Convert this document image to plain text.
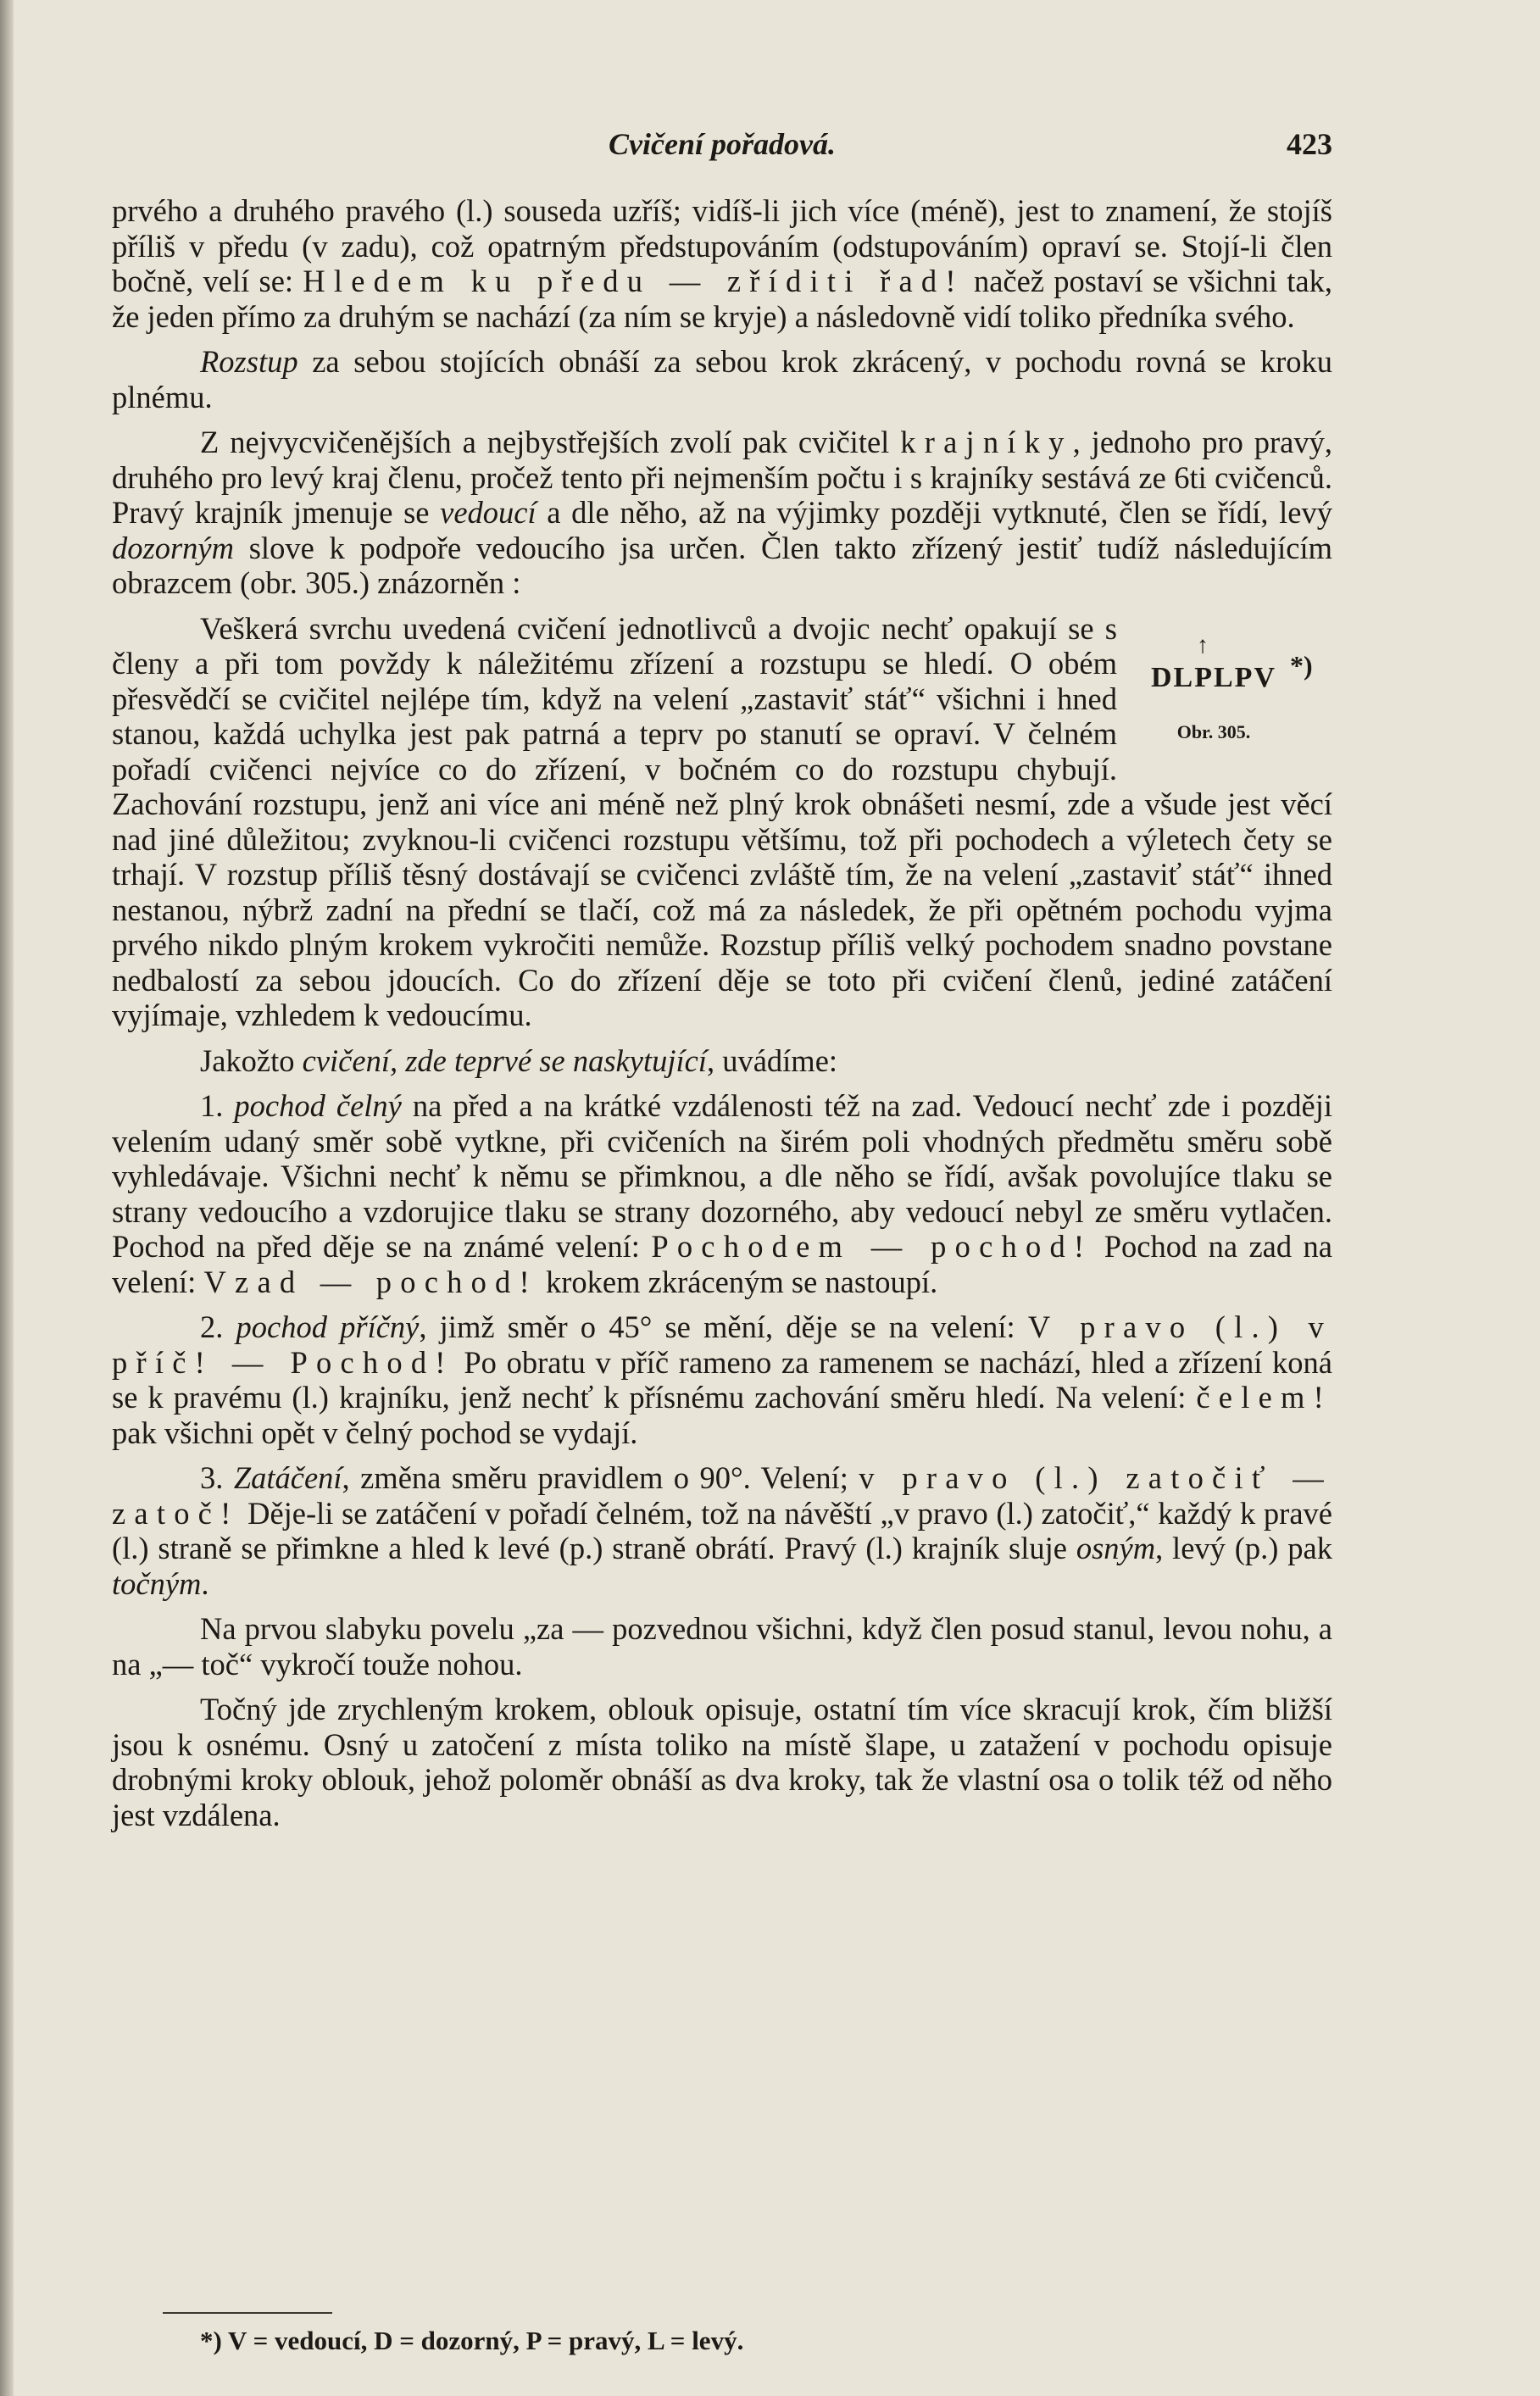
Cvičení pořadová.	423

prvého a druhého pravého (l.) souseda uzříš; vidíš-li jich více (méně), jest to znamení, že stojíš příliš v předu (v zadu), což opatrným předstupováním (odstupováním) opraví se. Stojí-li člen bočně, velí se: Hledem ku předu — zříditi řad! načež postaví se všichni tak, že jeden přímo za druhým se nachází (za ním se kryje) a následovně vidí toliko předníka svého.

Rozstup za sebou stojících obnáší za sebou krok zkrácený, v pochodu rovná se kroku plnému.

Z nejvycvičenějších a nejbystřejších zvolí pak cvičitel krajníky, jednoho pro pravý, druhého pro levý kraj členu, pročež tento při nejmenším počtu i s krajníky sestává ze 6ti cvičenců. Pravý krajník jmenuje se vedoucí a dle něho, až na výjimky později vytknuté, člen se řídí, levý dozorným slove k podpoře vedoucího jsa určen. Člen takto zřízený jestiť tudíž následujícím obrazcem (obr. 305.) znázorněn :

↑
DLPLPV *)
Obr. 305.

Veškerá svrchu uvedená cvičení jednotlivců a dvojic nechť opakují se s členy a při tom povždy k náležitému zřízení a rozstupu se hledí. O obém přesvědčí se cvičitel nejlépe tím, když na velení „zastaviť stáť“ všichni i hned stanou, každá uchylka jest pak patrná a teprv po stanutí se opraví. V čelném pořadí cvičenci nejvíce co do zřízení, v bočném co do rozstupu chybují. Zachování rozstupu, jenž ani více ani méně než plný krok obnášeti nesmí, zde a všude jest věcí nad jiné důležitou; zvyknou-li cvičenci rozstupu většímu, tož při pochodech a výletech čety se trhají. V rozstup příliš těsný dostávají se cvičenci zvláště tím, že na velení „zastaviť stáť“ ihned nestanou, nýbrž zadní na přední se tlačí, což má za následek, že při opětném pochodu vyjma prvého nikdo plným krokem vykročiti nemůže. Rozstup příliš velký pochodem snadno povstane nedbalostí za sebou jdoucích. Co do zřízení děje se toto při cvičení členů, jediné zatáčení vyjímaje, vzhledem k vedoucímu.

Jakožto cvičení, zde teprvé se naskytující, uvádíme:

1. pochod čelný na před a na krátké vzdálenosti též na zad. Vedoucí nechť zde i později velením udaný směr sobě vytkne, při cvičeních na širém poli vhodných předmětu směru sobě vyhledávaje. Všichni nechť k němu se přimknou, a dle něho se řídí, avšak povolujíce tlaku se strany vedoucího a vzdorujice tlaku se strany dozorného, aby vedoucí nebyl ze směru vytlačen. Pochod na před děje se na známé velení: Pochodem — pochod! Pochod na zad na velení: Vzad — pochod! krokem zkráceným se nastoupí.

2. pochod příčný, jimž směr o 45° se mění, děje se na velení: V pravo (l.) v příč! — Pochod! Po obratu v příč rameno za ramenem se nachází, hled a zřízení koná se k pravému (l.) krajníku, jenž nechť k přísnému zachování směru hledí. Na velení: čelem! pak všichni opět v čelný pochod se vydají.

3. Zatáčení, změna směru pravidlem o 90°. Velení; v pravo (l.) zatočiť — zatoč! Děje-li se zatáčení v pořadí čelném, tož na návěští „v pravo (l.) zatočiť,“ každý k pravé (l.) straně se přimkne a hled k levé (p.) straně obrátí. Pravý (l.) krajník sluje osným, levý (p.) pak točným.

Na prvou slabyku povelu „za — pozvednou všichni, když člen posud stanul, levou nohu, a na „— toč“ vykročí touže nohou.

Točný jde zrychleným krokem, oblouk opisuje, ostatní tím více skracují krok, čím bližší jsou k osnému. Osný u zatočení z místa toliko na místě šlape, u zatažení v pochodu opisuje drobnými kroky oblouk, jehož poloměr obnáší as dva kroky, tak že vlastní osa o tolik též od něho jest vzdálena.

*) V = vedoucí, D = dozorný, P = pravý, L = levý.
